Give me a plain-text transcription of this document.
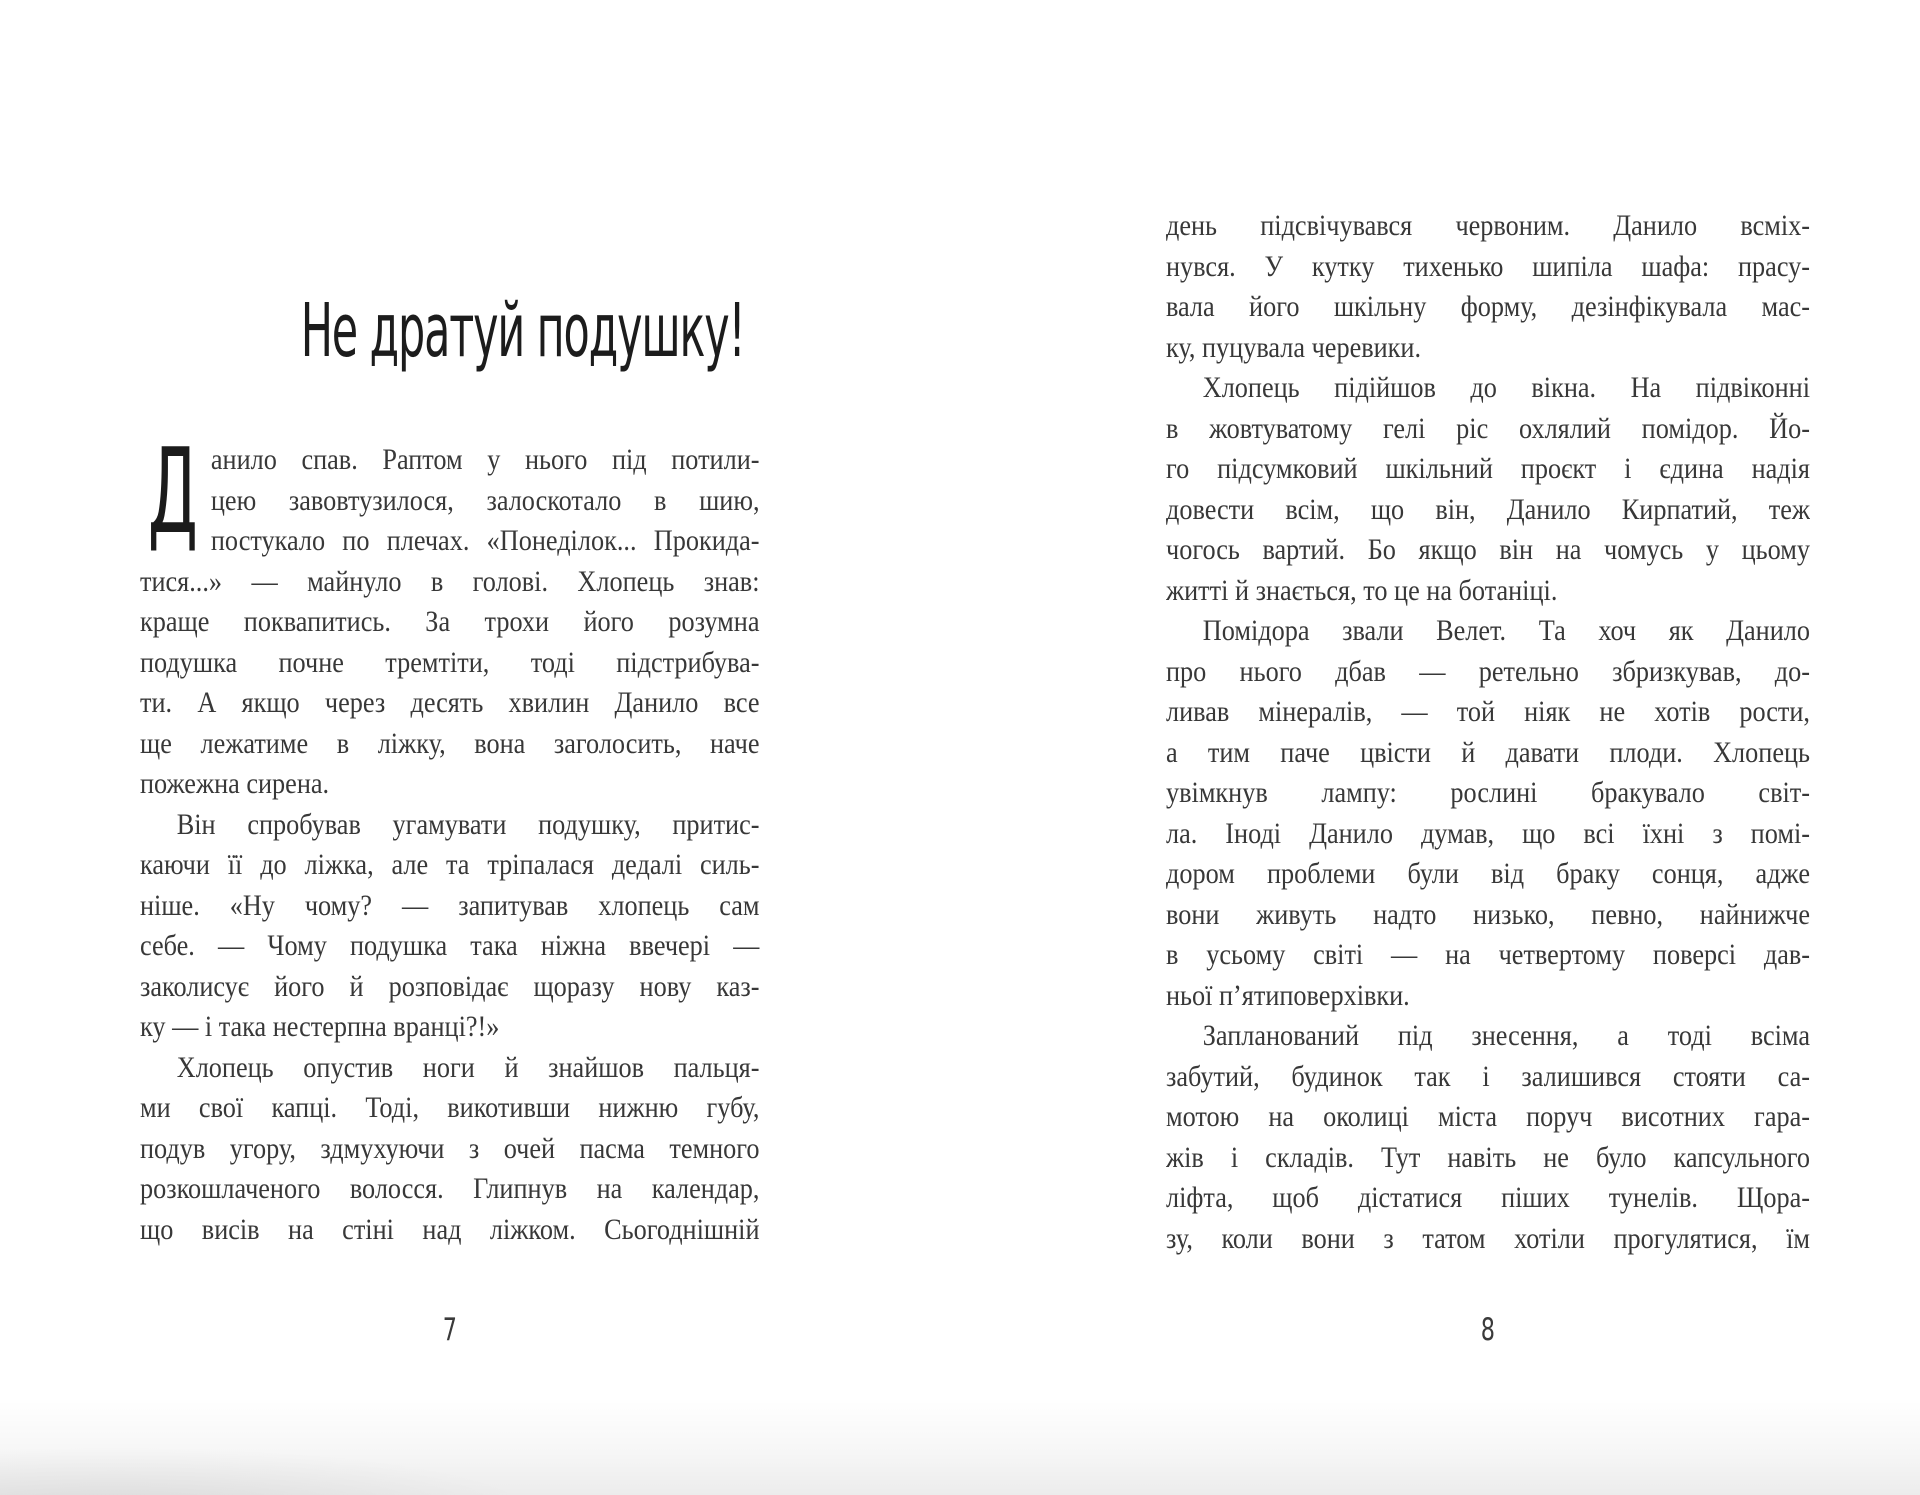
Не дратуй подушку!
Д анило спав. Раптом у нього під потили-
цею завовтузилося, залоскотало в шию,
постукало по плечах. «Понеділок... Прокида-
тися...» — майнуло в голові. Хлопець знав:
краще поквапитись. За трохи його розумна
подушка почне тремтіти, тоді підстрибува-
ти. А якщо через десять хвилин Данило все
ще лежатиме в ліжку, вона заголосить, наче
пожежна сирена.
Він спробував угамувати подушку, притис-
каючи її до ліжка, але та тріпалася дедалі силь-
ніше. «Ну чому? — запитував хлопець сам
себе. — Чому подушка така ніжна ввечері —
заколисує його й розповідає щоразу нову каз-
ку — і така нестерпна вранці?!»
Хлопець опустив ноги й знайшов пальця-
ми свої капці. Тоді, викотивши нижню губу,
подув угору, здмухуючи з очей пасма темного
розкошлаченого волосся. Глипнув на календар,
що висів на стіні над ліжком. Сьогоднішній
день підсвічувався червоним. Данило всміх-
нувся. У кутку тихенько шипіла шафа: прасу-
вала його шкільну форму, дезінфікувала мас-
ку, пуцувала черевики.
Хлопець підійшов до вікна. На підвіконні
в жовтуватому гелі ріс охлялий помідор. Йо-
го підсумковий шкільний проєкт і єдина надія
довести всім, що він, Данило Кирпатий, теж
чогось вартий. Бо якщо він на чомусь у цьому
житті й знається, то це на ботаніці.
Помідора звали Велет. Та хоч як Данило
про нього дбав — ретельно збризкував, до-
ливав мінералів, — той ніяк не хотів рости,
а тим паче цвісти й давати плоди. Хлопець
увімкнув лампу: рослині бракувало світ-
ла. Іноді Данило думав, що всі їхні з помі-
дором проблеми були від браку сонця, адже
вони живуть надто низько, певно, найнижче
в усьому світі — на четвертому поверсі дав-
ньої п’ятиповерхівки.
Запланований під знесення, а тоді всіма
забутий, будинок так і залишився стояти са-
мотою на околиці міста поруч висотних гара-
жів і складів. Тут навіть не було капсульного
ліфта, щоб дістатися піших тунелів. Щора-
зу, коли вони з татом хотіли прогулятися, їм
7	8
